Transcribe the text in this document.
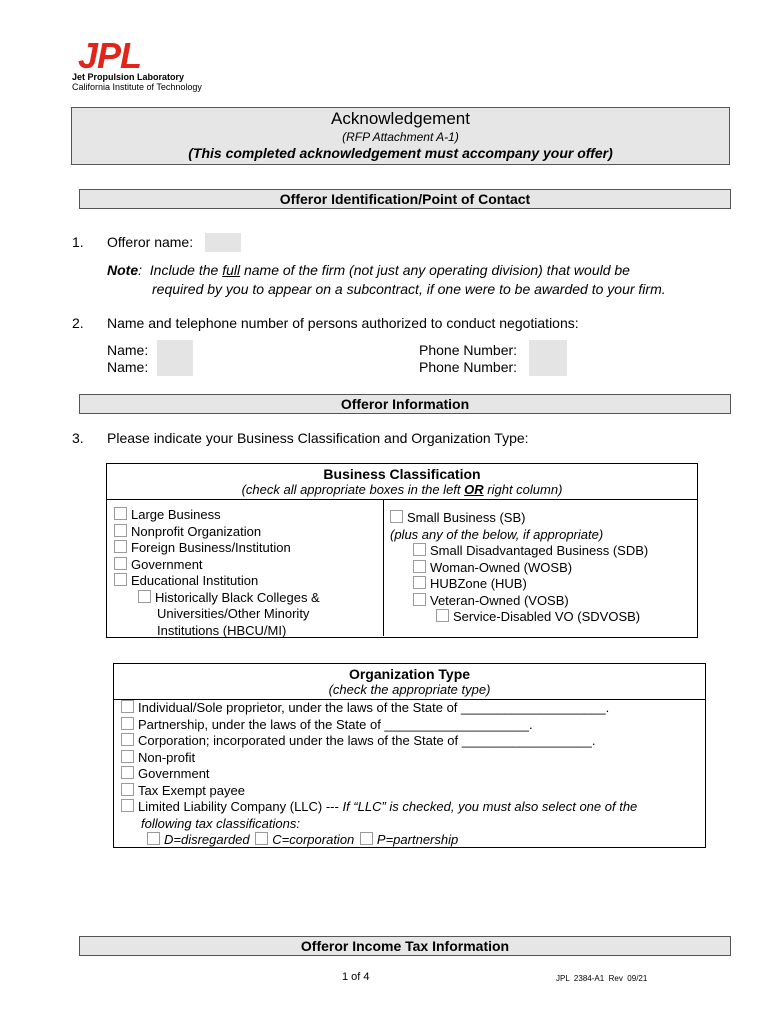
JPL
Jet Propulsion Laboratory
California Institute of Technology
Acknowledgement
(RFP Attachment A-1)
(This completed acknowledgement must accompany your offer)
Offeror Identification/Point of Contact
1. Offeror name:
Note: Include the full name of the firm (not just any operating division) that would be
required by you to appear on a subcontract, if one were to be awarded to your firm.
2. Name and telephone number of persons authorized to conduct negotiations:
Name:
Name:
Phone Number:
Phone Number:
Offeror Information
3. Please indicate your Business Classification and Organization Type:
Business Classification
(check all appropriate boxes in the left OR right column)
Large Business
Nonprofit Organization
Foreign Business/Institution
Government
Educational Institution
Historically Black Colleges &
Universities/Other Minority
Institutions (HBCU/MI)
Small Business (SB)
(plus any of the below, if appropriate)
Small Disadvantaged Business (SDB)
Woman-Owned (WOSB)
HUBZone (HUB)
Veteran-Owned (VOSB)
Service-Disabled VO (SDVOSB)
Organization Type
(check the appropriate type)
Individual/Sole proprietor, under the laws of the State of ____________________.
Partnership, under the laws of the State of ____________________.
Corporation; incorporated under the laws of the State of __________________.
Non-profit
Government
Tax Exempt payee
Limited Liability Company (LLC) --- If “LLC” is checked, you must also select one of the
following tax classifications:
D=disregarded C=corporation P=partnership
Offeror Income Tax Information
1 of 4	JPL  2384-A1  Rev  09/21
